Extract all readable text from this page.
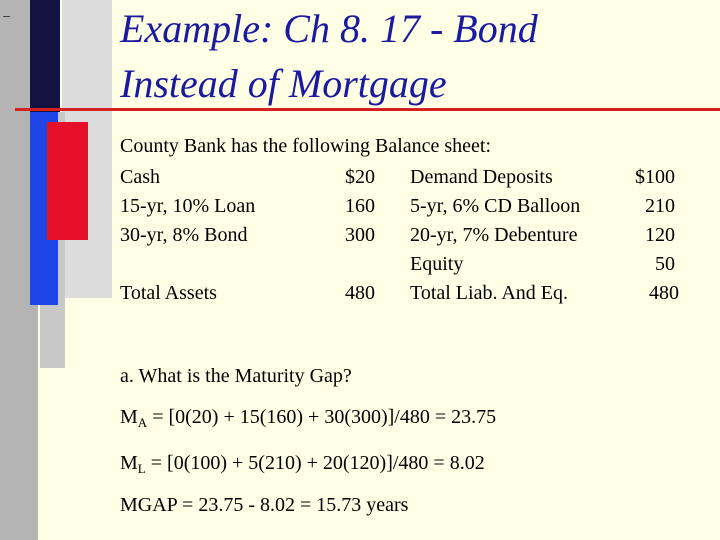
Example: Ch 8. 17 - Bond
Instead of Mortgage
County Bank has the following Balance sheet:
Cash
15-yr, 10% Loan
30-yr, 8% Bond
Total Assets
$20
160
300
480
Demand Deposits
5-yr, 6% CD Balloon
20-yr, 7% Debenture
Equity
Total Liab. And Eq.
$100
210
120
50
480
a. What is the Maturity Gap?
$M_A = [0(20) + 15(160) + 30(300)]/480 = 23.75$
$M_L = [0(100) + 5(210) + 20(120)]/480 = 8.02$
MGAP = 23.75 - 8.02 = 15.73 years
